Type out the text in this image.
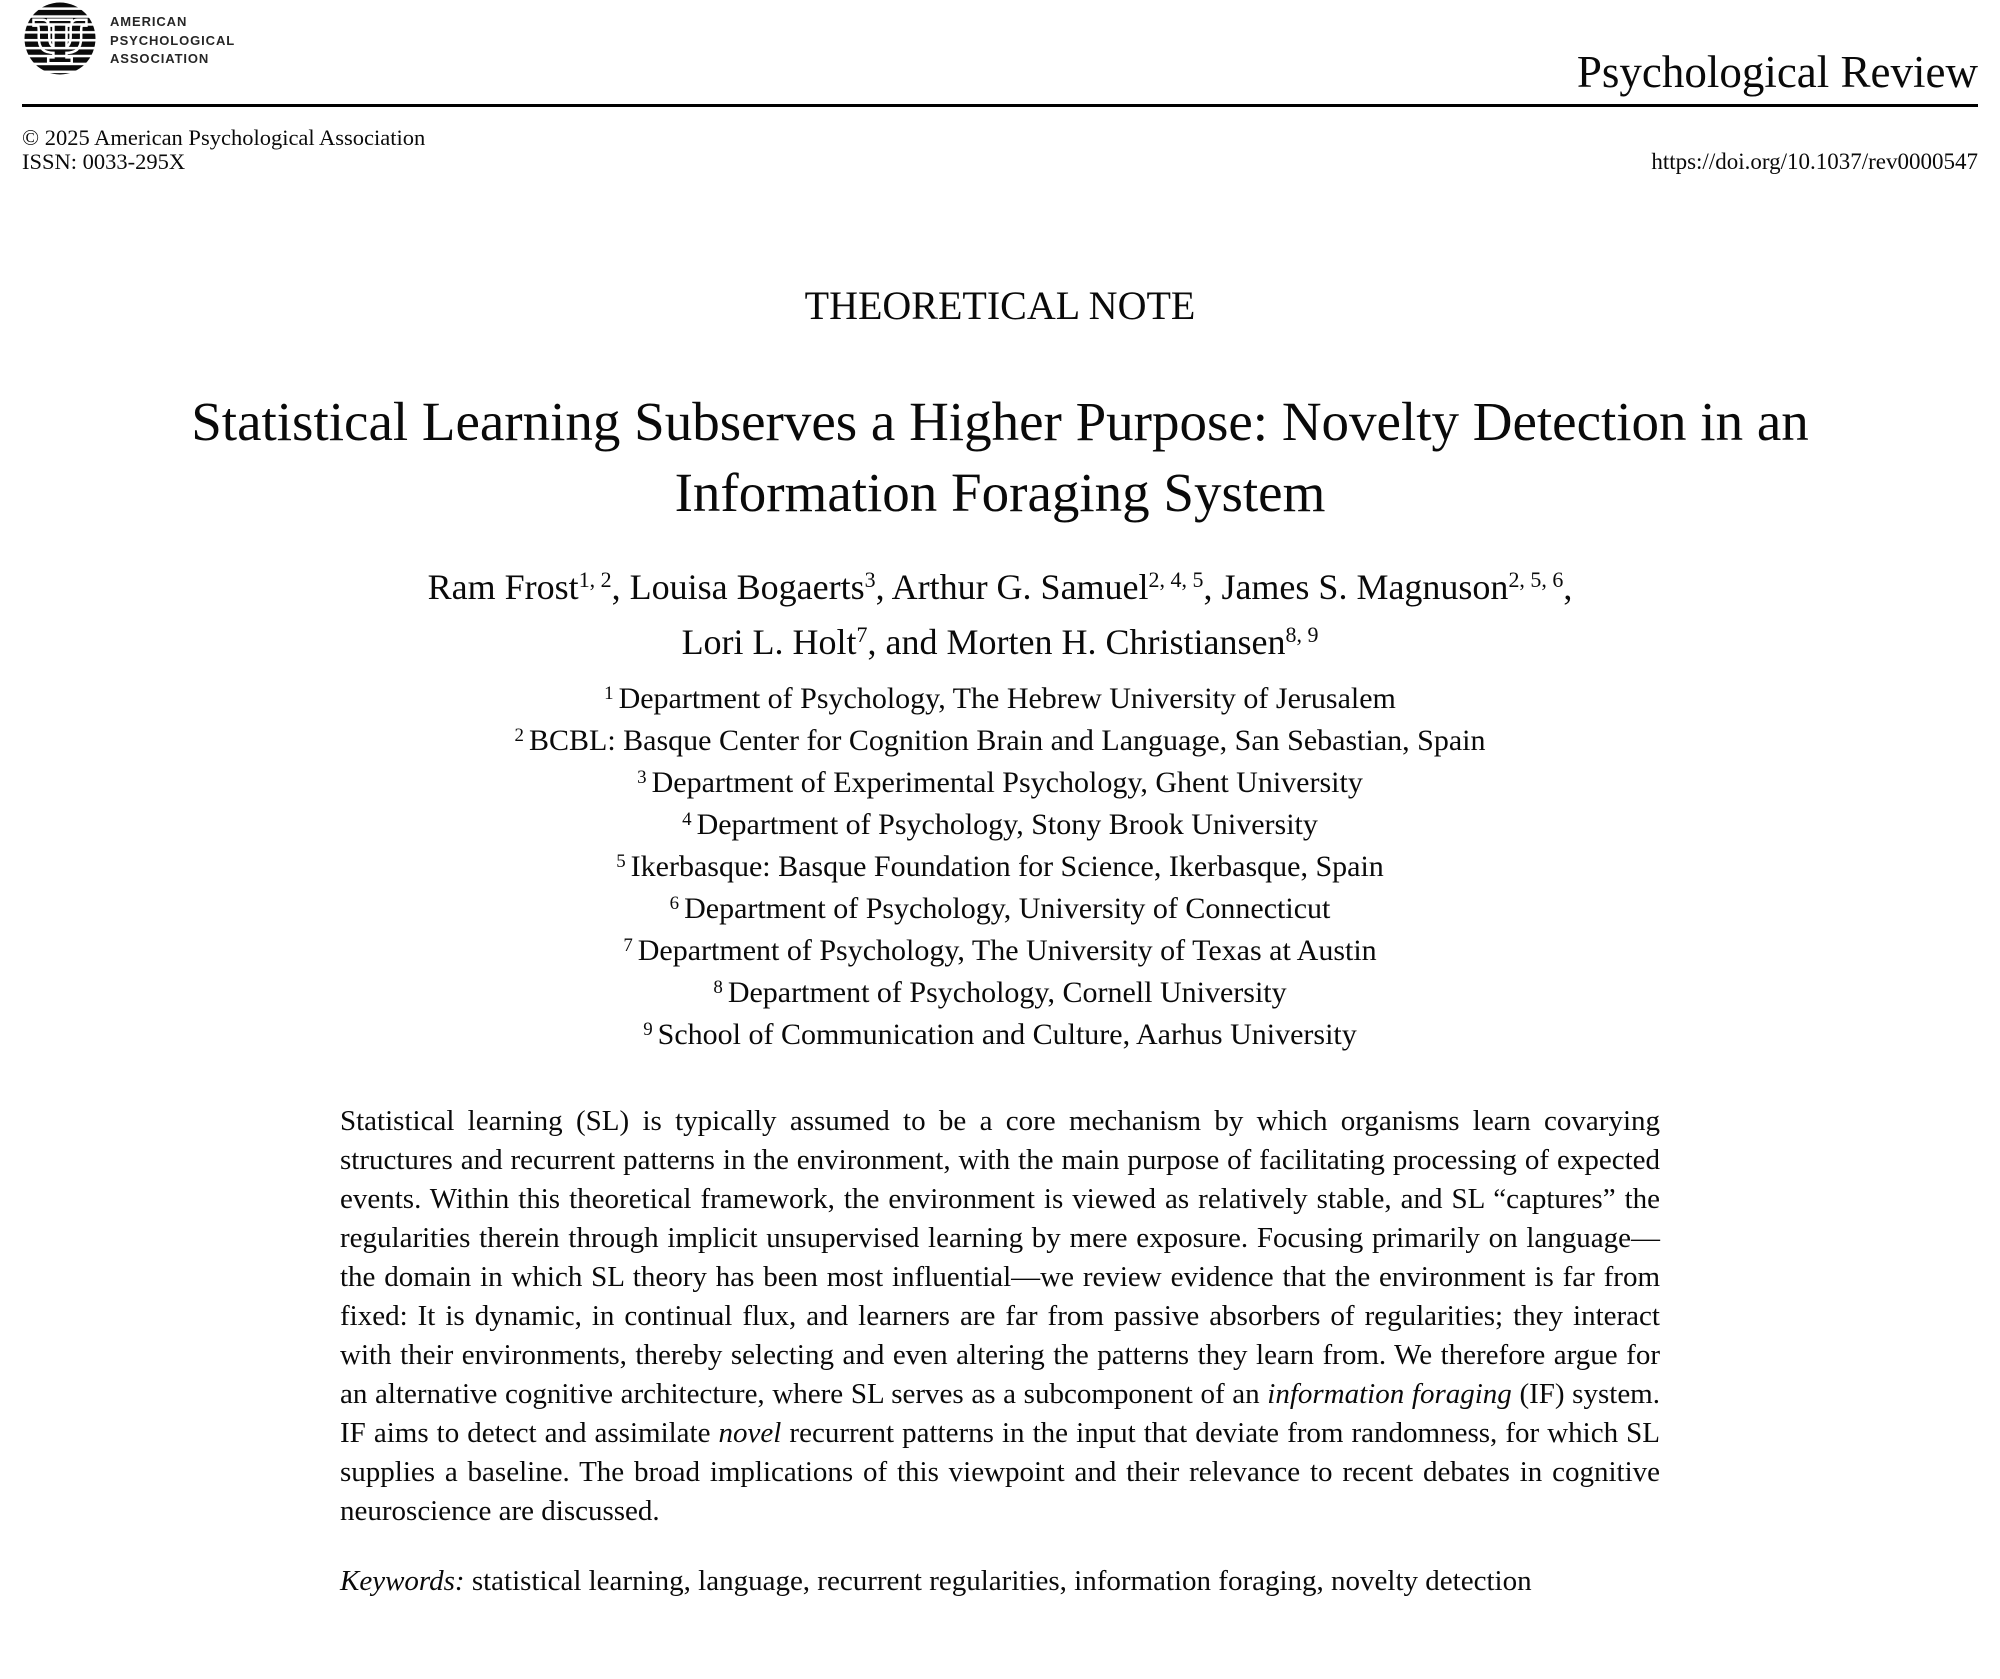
Ψ AMERICAN
PSYCHOLOGICAL
ASSOCIATION	Psychological Review
© 2025 American Psychological Association
ISSN: 0033-295X	https://doi.org/10.1037/rev0000547
THEORETICAL NOTE
Statistical Learning Subserves a Higher Purpose: Novelty Detection in an
Information Foraging System
Ram Frost$^{1, 2}$, Louisa Bogaerts$^3$, Arthur G. Samuel$^{2, 4, 5}$, James S. Magnuson$^{2, 5, 6}$,
Lori L. Holt$^7$, and Morten H. Christiansen$^{8, 9}$
$^1$ Department of Psychology, The Hebrew University of Jerusalem
$^2$ BCBL: Basque Center for Cognition Brain and Language, San Sebastian, Spain
$^3$ Department of Experimental Psychology, Ghent University
$^4$ Department of Psychology, Stony Brook University
$^5$ Ikerbasque: Basque Foundation for Science, Ikerbasque, Spain
$^6$ Department of Psychology, University of Connecticut
$^7$ Department of Psychology, The University of Texas at Austin
$^8$ Department of Psychology, Cornell University
$^9$ School of Communication and Culture, Aarhus University

Statistical learning (SL) is typically assumed to be a core mechanism by which organisms learn covarying structures and recurrent patterns in the environment, with the main purpose of facilitating processing of expected events. Within this theoretical framework, the environment is viewed as relatively stable, and SL “captures” the regularities therein through implicit unsupervised learning by mere exposure. Focusing primarily on language—the domain in which SL theory has been most influential—we review evidence that the environment is far from fixed: It is dynamic, in continual flux, and learners are far from passive absorbers of regularities; they interact with their environments, thereby selecting and even altering the patterns they learn from. We therefore argue for an alternative cognitive architecture, where SL serves as a subcomponent of an information foraging (IF) system. IF aims to detect and assimilate novel recurrent patterns in the input that deviate from randomness, for which SL supplies a baseline. The broad implications of this viewpoint and their relevance to recent debates in cognitive neuroscience are discussed.

Keywords: statistical learning, language, recurrent regularities, information foraging, novelty detection
